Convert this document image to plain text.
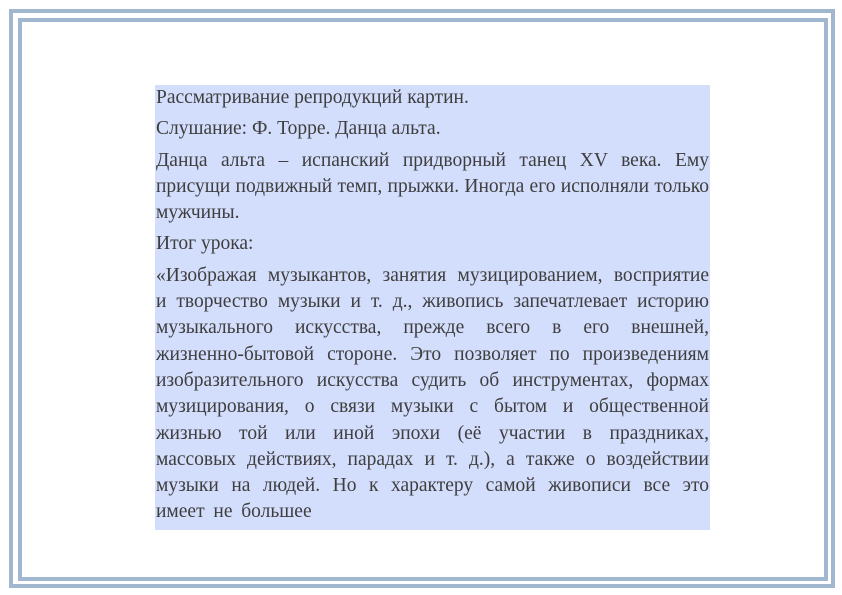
Рассматривание репродукций картин.

Слушание: Ф. Торре. Данца альта.

Данца альта – испанский придворный танец XV века. Ему присущи подвижный темп, прыжки. Иногда его исполняли только мужчины.

Итог урока:

«Изображая музыкантов, занятия музицированием, восприятие и творчество музыки и т. д., живопись запечатлевает историю музыкального искусства, прежде всего в его внешней, жизненно-бытовой стороне. Это позволяет по произведениям изобразительного искусства судить об инструментах, формах музицирования, о связи музыки с бытом и общественной жизнью той или иной эпохи (её участии в праздниках, массовых действиях, парадах и т. д.), а также о воздействии музыки на людей. Но к характеру самой живописи все это имеет не большее
